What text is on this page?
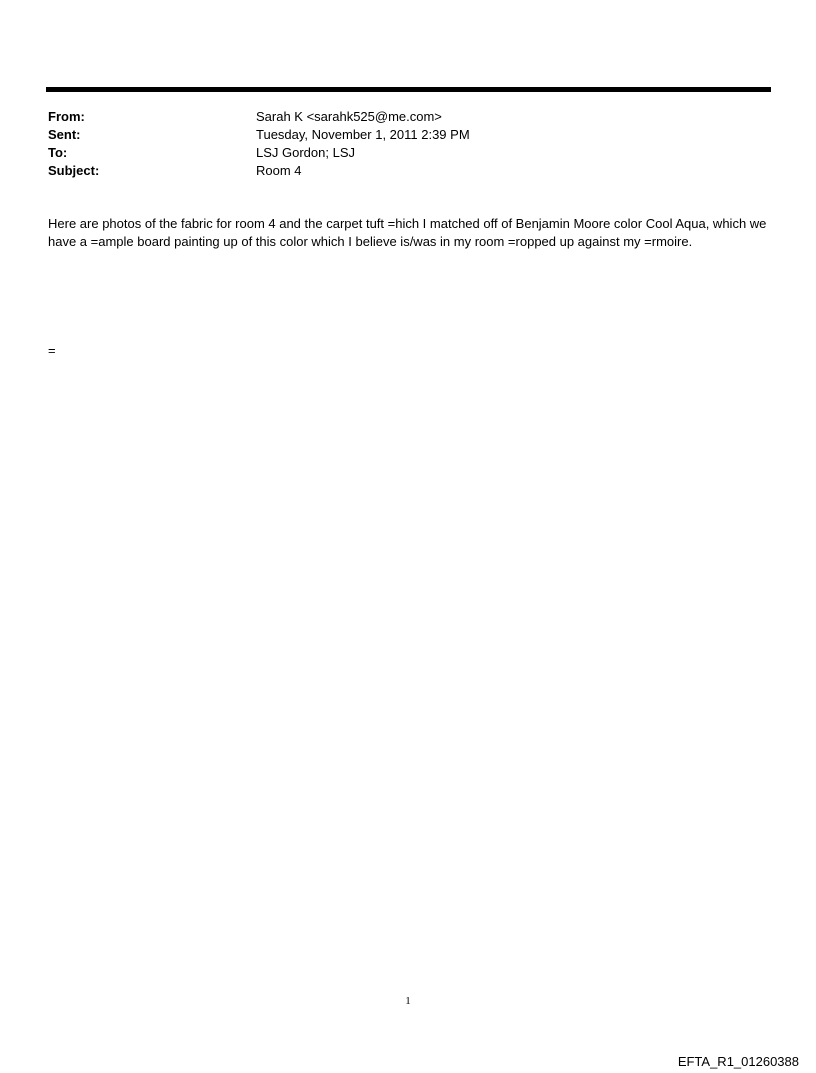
From:	Sarah K <sarahk525@me.com>
Sent:	Tuesday, November 1, 2011 2:39 PM
To:	LSJ Gordon; LSJ
Subject:	Room 4
Here are photos of the fabric for room 4 and the carpet tuft =hich I matched off of Benjamin Moore color Cool Aqua, which we have a =ample board painting up of this color which I believe is/was in my room =ropped up against my =rmoire.
=
1
EFTA_R1_01260388
